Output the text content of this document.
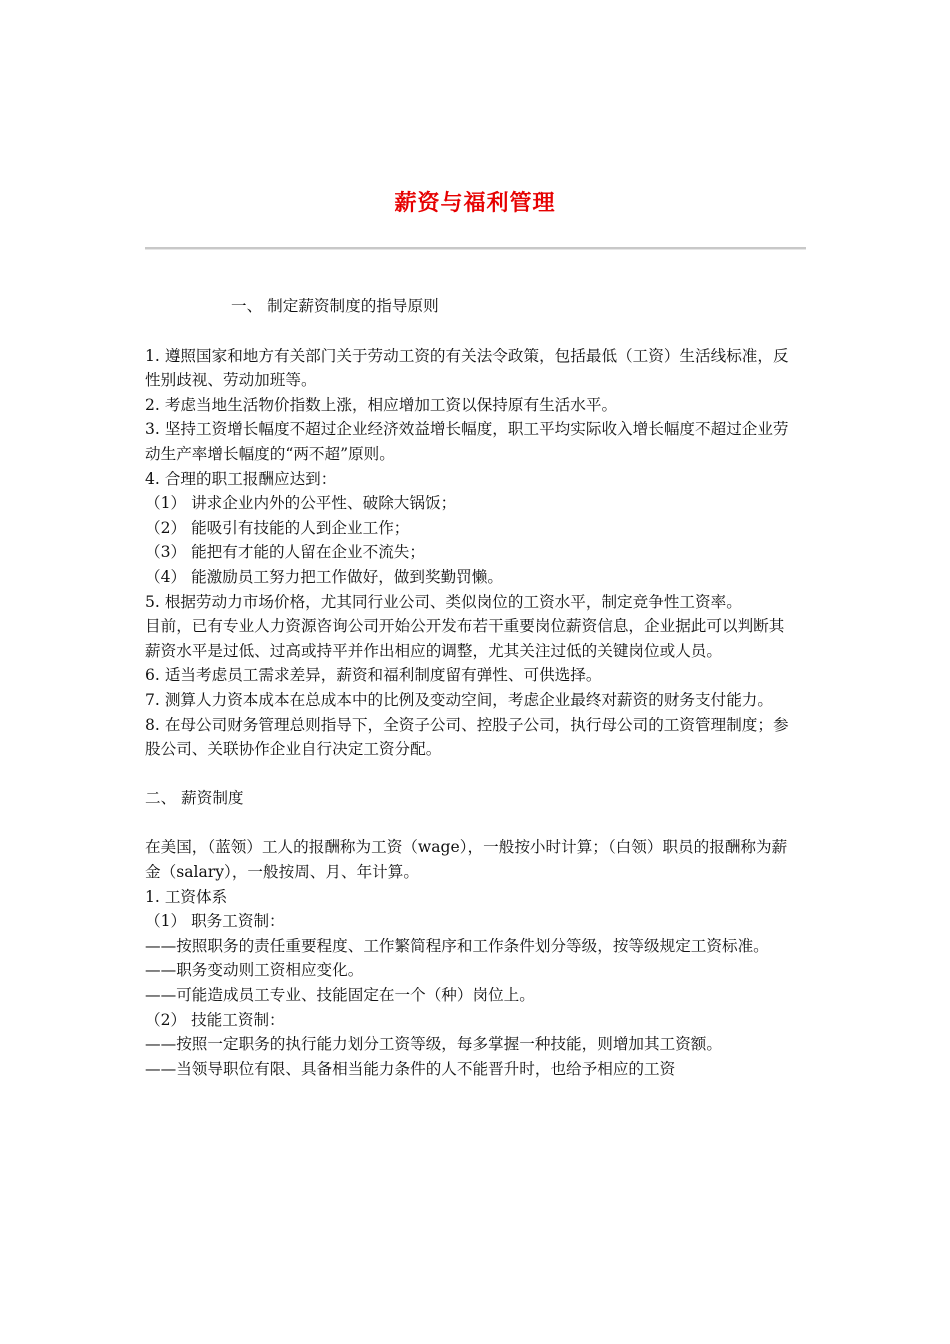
薪资与福利管理

一、 制定薪资制度的指导原则

1. 遵照国家和地方有关部门关于劳动工资的有关法令政策，包括最低（工资）生活线标准，反性别歧视、劳动加班等。

2. 考虑当地生活物价指数上涨，相应增加工资以保持原有生活水平。

3. 坚持工资增长幅度不超过企业经济效益增长幅度，职工平均实际收入增长幅度不超过企业劳动生产率增长幅度的“两不超”原则。

4. 合理的职工报酬应达到：

（1） 讲求企业内外的公平性、破除大锅饭；

（2） 能吸引有技能的人到企业工作；

（3） 能把有才能的人留在企业不流失；

（4） 能激励员工努力把工作做好，做到奖勤罚懒。

5. 根据劳动力市场价格，尤其同行业公司、类似岗位的工资水平，制定竞争性工资率。

目前，已有专业人力资源咨询公司开始公开发布若干重要岗位薪资信息，企业据此可以判断其薪资水平是过低、过高或持平并作出相应的调整，尤其关注过低的关键岗位或人员。

6. 适当考虑员工需求差异，薪资和福利制度留有弹性、可供选择。

7. 测算人力资本成本在总成本中的比例及变动空间，考虑企业最终对薪资的财务支付能力。

8. 在母公司财务管理总则指导下，全资子公司、控股子公司，执行母公司的工资管理制度；参股公司、关联协作企业自行决定工资分配。

二、 薪资制度

在美国，（蓝领）工人的报酬称为工资（wage），一般按小时计算；（白领）职员的报酬称为薪金（salary），一般按周、月、年计算。

1. 工资体系

（1） 职务工资制：

——按照职务的责任重要程度、工作繁简程序和工作条件划分等级，按等级规定工资标准。

——职务变动则工资相应变化。

——可能造成员工专业、技能固定在一个（种）岗位上。

（2） 技能工资制：

——按照一定职务的执行能力划分工资等级，每多掌握一种技能，则增加其工资额。

——当领导职位有限、具备相当能力条件的人不能晋升时，也给予相应的工资
